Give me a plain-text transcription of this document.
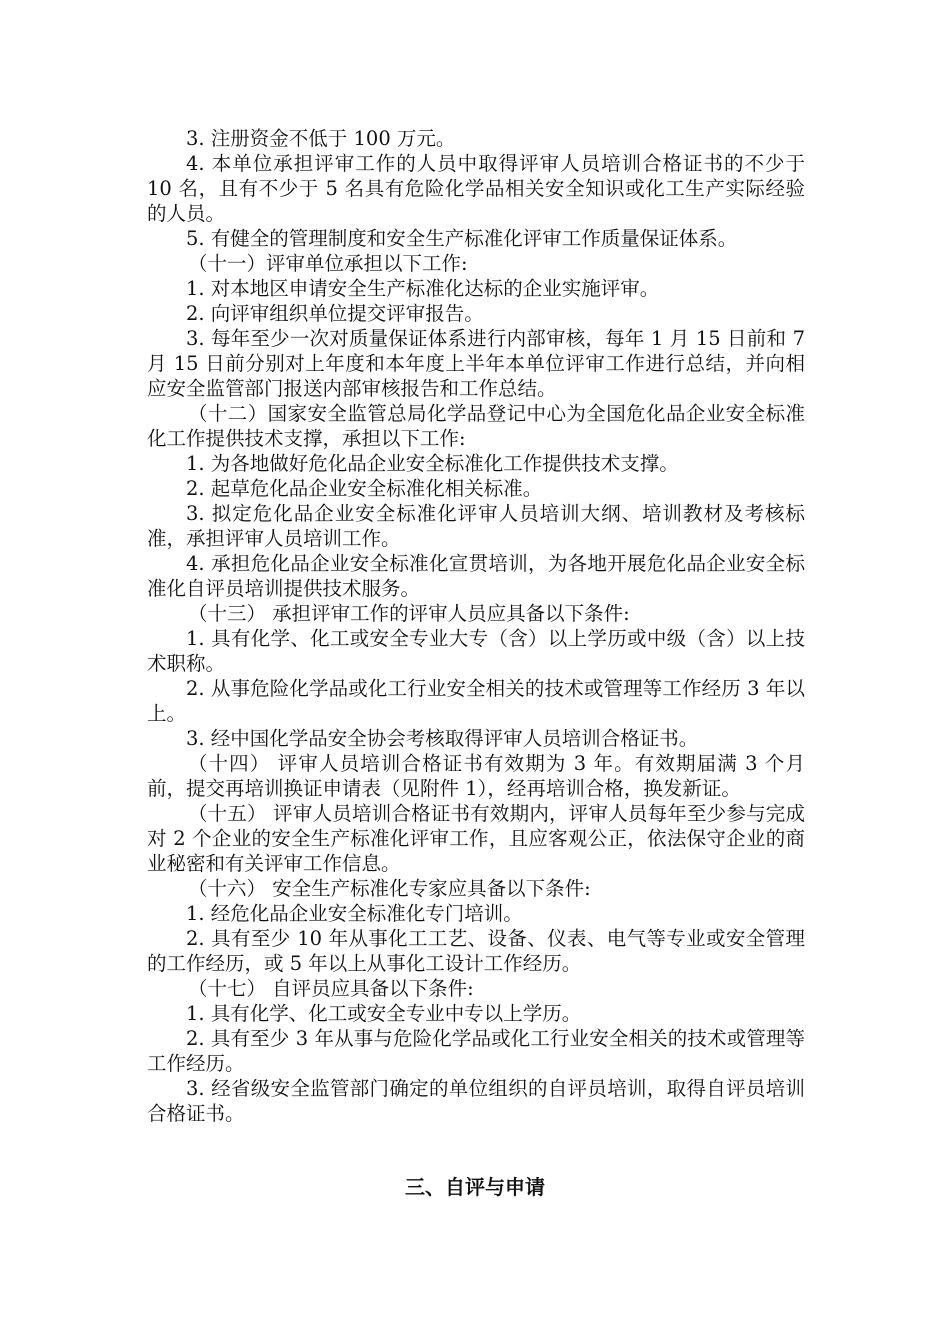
3. 注册资金不低于 100 万元。

4. 本单位承担评审工作的人员中取得评审人员培训合格证书的不少于 10 名，且有不少于 5 名具有危险化学品相关安全知识或化工生产实际经验的人员。

5. 有健全的管理制度和安全生产标准化评审工作质量保证体系。

（十一）评审单位承担以下工作:

1. 对本地区申请安全生产标准化达标的企业实施评审。

2. 向评审组织单位提交评审报告。

3. 每年至少一次对质量保证体系进行内部审核，每年 1 月 15 日前和 7 月 15 日前分别对上年度和本年度上半年本单位评审工作进行总结，并向相应安全监管部门报送内部审核报告和工作总结。

（十二）国家安全监管总局化学品登记中心为全国危化品企业安全标准化工作提供技术支撑，承担以下工作:

1. 为各地做好危化品企业安全标准化工作提供技术支撑。

2. 起草危化品企业安全标准化相关标准。

3. 拟定危化品企业安全标准化评审人员培训大纲、培训教材及考核标准，承担评审人员培训工作。

4. 承担危化品企业安全标准化宣贯培训，为各地开展危化品企业安全标准化自评员培训提供技术服务。

（十三） 承担评审工作的评审人员应具备以下条件:

1. 具有化学、化工或安全专业大专（含）以上学历或中级（含）以上技术职称。

2. 从事危险化学品或化工行业安全相关的技术或管理等工作经历 3 年以上。

3. 经中国化学品安全协会考核取得评审人员培训合格证书。

（十四） 评审人员培训合格证书有效期为 3 年。有效期届满 3 个月前，提交再培训换证申请表（见附件 1），经再培训合格，换发新证。

（十五） 评审人员培训合格证书有效期内，评审人员每年至少参与完成对 2 个企业的安全生产标准化评审工作，且应客观公正，依法保守企业的商业秘密和有关评审工作信息。

（十六） 安全生产标准化专家应具备以下条件:

1. 经危化品企业安全标准化专门培训。

2. 具有至少 10 年从事化工工艺、设备、仪表、电气等专业或安全管理的工作经历，或 5 年以上从事化工设计工作经历。

（十七） 自评员应具备以下条件:

1. 具有化学、化工或安全专业中专以上学历。

2. 具有至少 3 年从事与危险化学品或化工行业安全相关的技术或管理等工作经历。

3. 经省级安全监管部门确定的单位组织的自评员培训，取得自评员培训合格证书。

三、自评与申请
